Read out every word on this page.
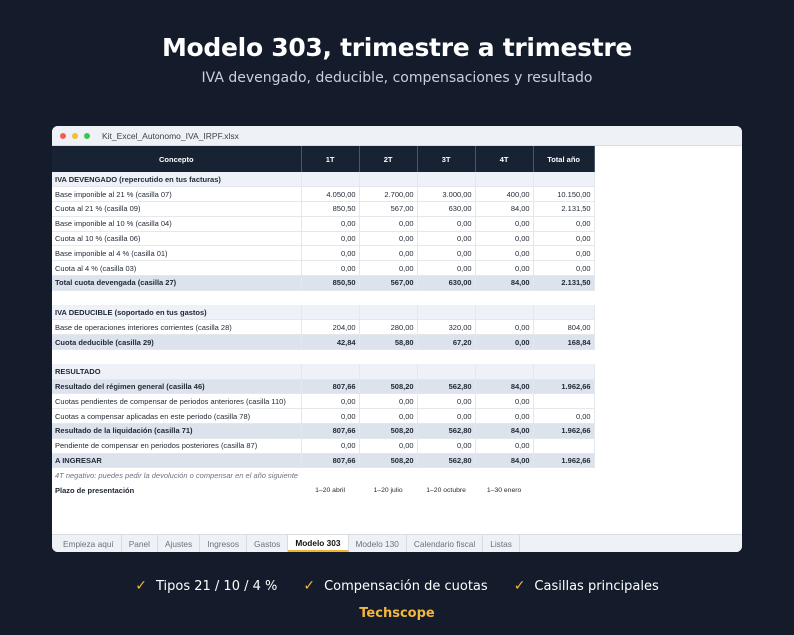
Modelo 303, trimestre a trimestre
IVA devengado, deducible, compensaciones y resultado
Kit_Excel_Autonomo_IVA_IRPF.xlsx
Concepto	1T	2T	3T	4T	Total año
IVA DEVENGADO (repercutido en tus facturas)					
Base imponible al 21 % (casilla 07)	4.050,00	2.700,00	3.000,00	400,00	10.150,00
Cuota al 21 % (casilla 09)	850,50	567,00	630,00	84,00	2.131,50
Base imponible al 10 % (casilla 04)	0,00	0,00	0,00	0,00	0,00
Cuota al 10 % (casilla 06)	0,00	0,00	0,00	0,00	0,00
Base imponible al 4 % (casilla 01)	0,00	0,00	0,00	0,00	0,00
Cuota al 4 % (casilla 03)	0,00	0,00	0,00	0,00	0,00
Total cuota devengada (casilla 27)	850,50	567,00	630,00	84,00	2.131,50

IVA DEDUCIBLE (soportado en tus gastos)					
Base de operaciones interiores corrientes (casilla 28)	204,00	280,00	320,00	0,00	804,00
Cuota deducible (casilla 29)	42,84	58,80	67,20	0,00	168,84

RESULTADO					
Resultado del régimen general (casilla 46)	807,66	508,20	562,80	84,00	1.962,66
Cuotas pendientes de compensar de periodos anteriores (casilla 110)	0,00	0,00	0,00	0,00	
Cuotas a compensar aplicadas en este periodo (casilla 78)	0,00	0,00	0,00	0,00	0,00
Resultado de la liquidación (casilla 71)	807,66	508,20	562,80	84,00	1.962,66
Pendiente de compensar en periodos posteriores (casilla 87)	0,00	0,00	0,00	0,00	
A INGRESAR	807,66	508,20	562,80	84,00	1.962,66
4T negativo: puedes pedir la devolución o compensar en el año siguiente					
Plazo de presentación	1–20 abril	1–20 julio	1–20 octubre	1–30 enero	
Empieza aquí	Panel	Ajustes	Ingresos	Gastos	Modelo 303	Modelo 130	Calendario fiscal	Listas
✓ Tipos 21 / 10 / 4 % ✓ Compensación de cuotas ✓ Casillas principales
Techscope
